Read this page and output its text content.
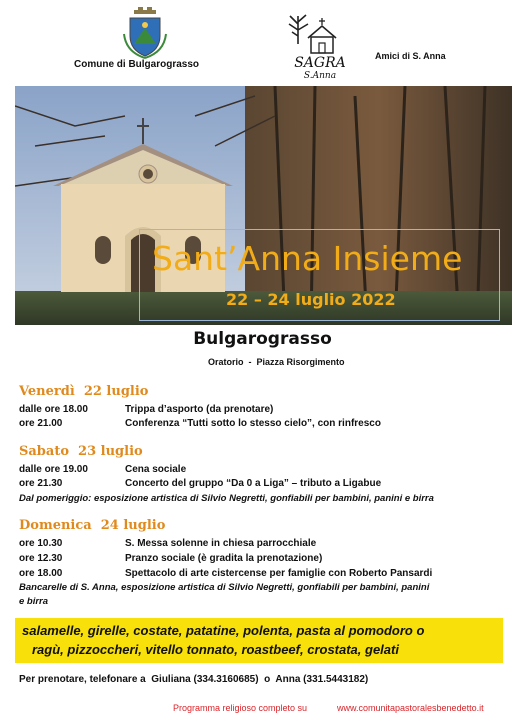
Comune di Bulgarograsso	SAGRA
S.Anna
Amici di S. Anna
Sant’Anna Insieme
22 – 24 luglio 2022
Bulgarograsso
Oratorio  -  Piazza Risorgimento
Venerdì  22 luglio
dalle ore 18.00	Trippa d’asporto (da prenotare)
ore 21.00	Conferenza “Tutti sotto lo stesso cielo”, con rinfresco
Sabato  23 luglio
dalle ore 19.00	Cena sociale
ore 21.30	Concerto del gruppo “Da 0 a Liga” – tributo a Ligabue
Dal pomeriggio: esposizione artistica di Silvio Negretti, gonfiabili per bambini, panini e birra
Domenica  24 luglio
ore 10.30	S. Messa solenne in chiesa parrocchiale
ore 12.30	Pranzo sociale (è gradita la prenotazione)
ore 18.00	Spettacolo di arte cistercense per famiglie con Roberto Pansardi
Bancarelle di S. Anna, esposizione artistica di Silvio Negretti, gonfiabili per bambini, panini
e birra
salamelle, girelle, costate, patatine, polenta, pasta al pomodoro o
ragù, pizzoccheri, vitello tonnato, roastbeef, crostata, gelati
Per prenotare, telefonare a  Giuliana (334.3160685)  o  Anna (331.5443182)
Programma religioso completo su	www.comunitapastoralesbenedetto.it
